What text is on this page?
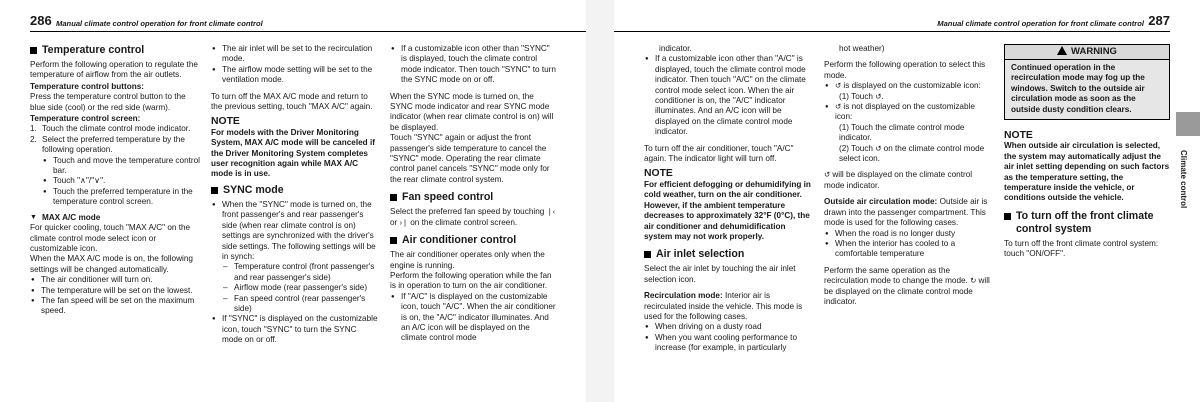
286 Manual climate control operation for front climate control
Temperature control

Perform the following operation to regulate the temperature of airflow from the air outlets.

Temperature control buttons:

Press the temperature control button to the blue side (cool) or the red side (warm).

Temperature control screen:

1. Touch the climate control mode indicator.
2. Select the preferred temperature by the following operation.
● Touch and move the temperature control bar.
● Touch "∧"/"∨".
● Touch the preferred temperature in the temperature control screen.
▼ MAX A/C mode

For quicker cooling, touch "MAX A/C" on the climate control mode select icon or customizable icon.

When the MAX A/C mode is on, the following settings will be changed automatically.

● The air conditioner will turn on.
● The temperature will be set on the lowest.
● The fan speed will be set on the maximum speed.
● The air inlet will be set to the recirculation mode.
● The airflow mode setting will be set to the ventilation mode.

To turn off the MAX A/C mode and return to the previous setting, touch "MAX A/C" again.

NOTE

For models with the Driver Monitoring System, MAX A/C mode will be canceled if the Driver Monitoring System completes user recognition again while MAX A/C mode is in use.

SYNC mode
● When the "SYNC" mode is turned on, the front passenger's and rear passenger's side (when rear climate control is on) settings are synchronized with the driver's side settings. The following settings will be in synch:
– Temperature control (front passenger's and rear passenger's side)
– Airflow mode (rear passenger's side)
– Fan speed control (rear passenger's side)
● If "SYNC" is displayed on the customizable icon, touch "SYNC" to turn the SYNC mode on or off.
● If a customizable icon other than "SYNC" is displayed, touch the climate control mode indicator. Then touch "SYNC" to turn the SYNC mode on or off.

When the SYNC mode is turned on, the SYNC mode indicator and rear SYNC mode indicator (when rear climate control is on) will be displayed.

Touch "SYNC" again or adjust the front passenger's side temperature to cancel the "SYNC" mode. Operating the rear climate control panel cancels "SYNC" mode only for the rear climate control system.

Fan speed control

Select the preferred fan speed by touching ❘‹ or ›❘ on the climate control screen.

Air conditioner control

The air conditioner operates only when the engine is running.

Perform the following operation while the fan is in operation to turn on the air conditioner.

● If "A/C" is displayed on the customizable icon, touch "A/C". When the air conditioner is on, the "A/C" indicator illuminates. And an A/C icon will be displayed on the climate control mode
Manual climate control operation for front climate control 287

indicator.

● If a customizable icon other than "A/C" is displayed, touch the climate control mode indicator. Then touch "A/C" on the climate control mode select icon. When the air conditioner is on, the "A/C" indicator illuminates. And an A/C icon will be displayed on the climate control mode indicator.

To turn off the air conditioner, touch "A/C" again. The indicator light will turn off.

NOTE

For efficient defogging or dehumidifying in cold weather, turn on the air conditioner. However, if the ambient temperature decreases to approximately 32°F (0°C), the air conditioner and dehumidification system may not work properly.

Air inlet selection

Select the air inlet by touching the air inlet selection icon.

Recirculation mode: Interior air is recirculated inside the vehicle. This mode is used for the following cases.

● When driving on a dusty road
● When you want cooling performance to increase (for example, in particularly

hot weather)

Perform the following operation to select this mode.

● ↺ is displayed on the customizable icon:

(1) Touch ↺.

● ↺ is not displayed on the customizable icon:

(1) Touch the climate control mode indicator.

(2) Touch ↺ on the climate control mode select icon.

↺ will be displayed on the climate control mode indicator.

Outside air circulation mode: Outside air is drawn into the passenger compartment. This mode is used for the following cases.

● When the road is no longer dusty
● When the interior has cooled to a comfortable temperature

Perform the same operation as the recirculation mode to change the mode. ↻ will be displayed on the climate control mode indicator.

WARNING
Continued operation in the recirculation mode may fog up the windows. Switch to the outside air circulation mode as soon as the outside dusty condition clears.

NOTE

When outside air circulation is selected, the system may automatically adjust the air inlet setting depending on such factors as the temperature setting, the temperature inside the vehicle, or conditions outside the vehicle.

To turn off the front climate control system

To turn off the front climate control system: touch "ON/OFF".

Climate control
